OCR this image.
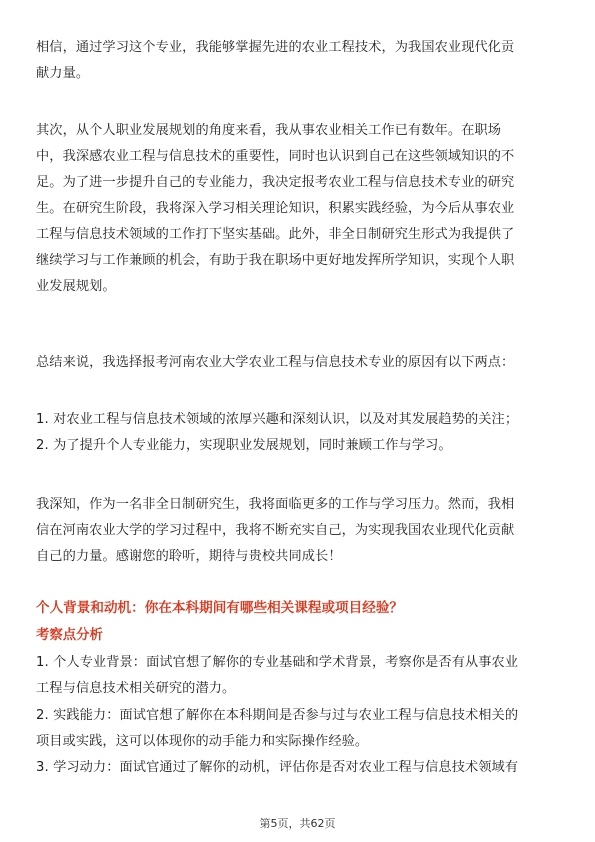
相信，通过学习这个专业，我能够掌握先进的农业工程技术，为我国农业现代化贡
献力量。

其次，从个人职业发展规划的角度来看，我从事农业相关工作已有数年。在职场
中，我深感农业工程与信息技术的重要性，同时也认识到自己在这些领域知识的不
足。为了进一步提升自己的专业能力，我决定报考农业工程与信息技术专业的研究
生。在研究生阶段，我将深入学习相关理论知识，积累实践经验，为今后从事农业
工程与信息技术领域的工作打下坚实基础。此外，非全日制研究生形式为我提供了
继续学习与工作兼顾的机会，有助于我在职场中更好地发挥所学知识，实现个人职
业发展规划。

总结来说，我选择报考河南农业大学农业工程与信息技术专业的原因有以下两点：

1. 对农业工程与信息技术领域的浓厚兴趣和深刻认识，以及对其发展趋势的关注；

2. 为了提升个人专业能力，实现职业发展规划，同时兼顾工作与学习。

我深知，作为一名非全日制研究生，我将面临更多的工作与学习压力。然而，我相
信在河南农业大学的学习过程中，我将不断充实自己，为实现我国农业现代化贡献
自己的力量。感谢您的聆听，期待与贵校共同成长！

个人背景和动机：你在本科期间有哪些相关课程或项目经验？
考察点分析

1. 个人专业背景：面试官想了解你的专业基础和学术背景，考察你是否有从事农业
工程与信息技术相关研究的潜力。

2. 实践能力：面试官想了解你在本科期间是否参与过与农业工程与信息技术相关的
项目或实践，这可以体现你的动手能力和实际操作经验。

3. 学习动力：面试官通过了解你的动机，评估你是否对农业工程与信息技术领域有

第5页，共62页
